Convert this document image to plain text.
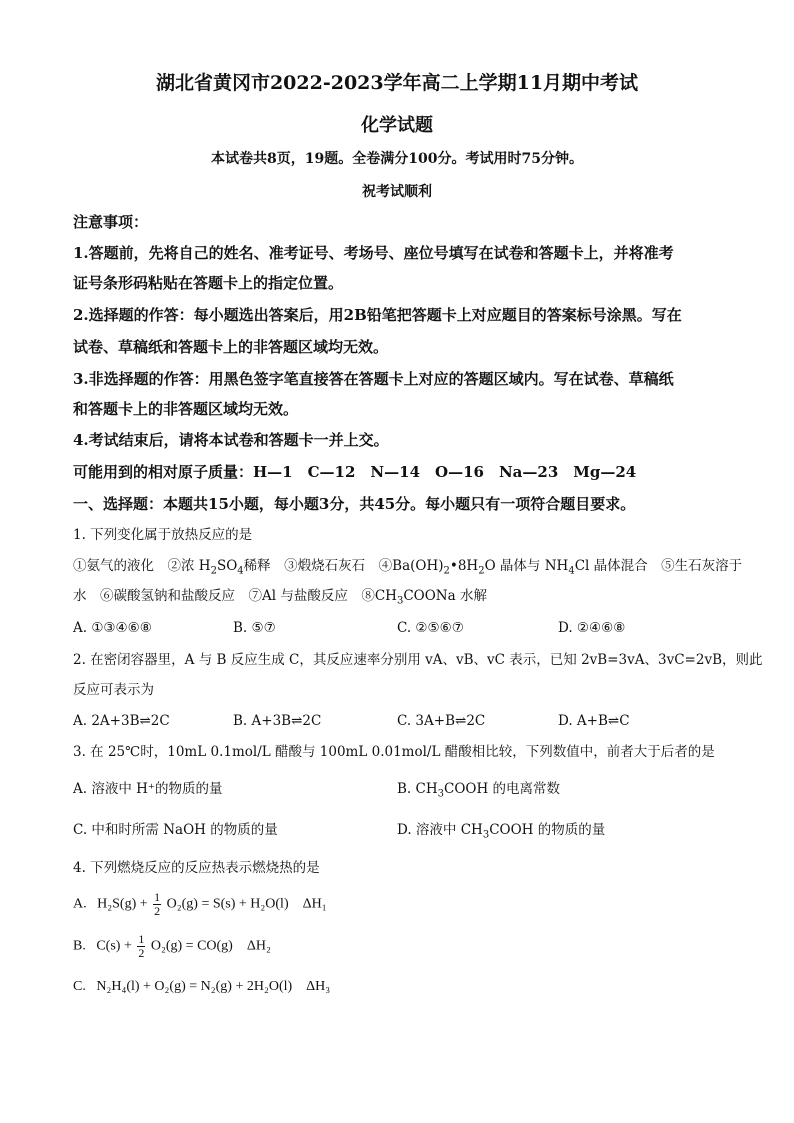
湖北省黄冈市2022-2023学年高二上学期11月期中考试
化学试题
本试卷共8页，19题。全卷满分100分。考试用时75分钟。
祝考试顺利
注意事项：
1.答题前，先将自己的姓名、准考证号、考场号、座位号填写在试卷和答题卡上，并将准考
证号条形码粘贴在答题卡上的指定位置。
2.选择题的作答：每小题选出答案后，用2B铅笔把答题卡上对应题目的答案标号涂黑。写在
试卷、草稿纸和答题卡上的非答题区域均无效。
3.非选择题的作答：用黑色签字笔直接答在答题卡上对应的答题区域内。写在试卷、草稿纸
和答题卡上的非答题区域均无效。
4.考试结束后，请将本试卷和答题卡一并上交。
可能用到的相对原子质量：H—1　C—12　N—14　O—16　Na—23　Mg—24
一、选择题：本题共15小题，每小题3分，共45分。每小题只有一项符合题目要求。
1. 下列变化属于放热反应的是
①氨气的液化　②浓 $H_2SO_4$稀释　③煅烧石灰石　$④Ba(OH)_2•8H_2O$ 晶体与 $NH_4Cl$ 晶体混合　⑤生石灰溶于
水　⑥碳酸氢钠和盐酸反应　⑦Al 与盐酸反应　$⑧CH_3COONa$ 水解
A. ①③④⑥⑧	B. ⑤⑦	C. ②⑤⑥⑦	D. ②④⑥⑧
2. 在密闭容器里，A 与 B 反应生成 C，其反应速率分别用 vA、vB、vC 表示，已知 2vB=3vA、3vC=2vB，则此
反应可表示为
A. 2A+3B⇌2C	B. A+3B⇌2C	C. 3A+B⇌2C	D. A+B⇌C
3. 在 25℃时，10mL 0.1mol/L 醋酸与 100mL 0.01mol/L 醋酸相比较，下列数值中，前者大于后者的是
A. 溶液中 H⁺的物质的量	B. $CH_3COOH$ 的电离常数
C. 中和时所需 NaOH 的物质的量	D. 溶液中 $CH_3COOH$ 的物质的量
4. 下列燃烧反应的反应热表示燃烧热的是
A. $H_2S(g) + \frac{1}{2} O_2(g) = S(s) + H_2O(l)$　ΔH₁
B. $C(s) + \frac{1}{2} O_2(g) = CO(g)$　ΔH₂
C. N₂H₄(l) + O₂(g) = N₂(g) + 2H₂O(l)　ΔH₃
